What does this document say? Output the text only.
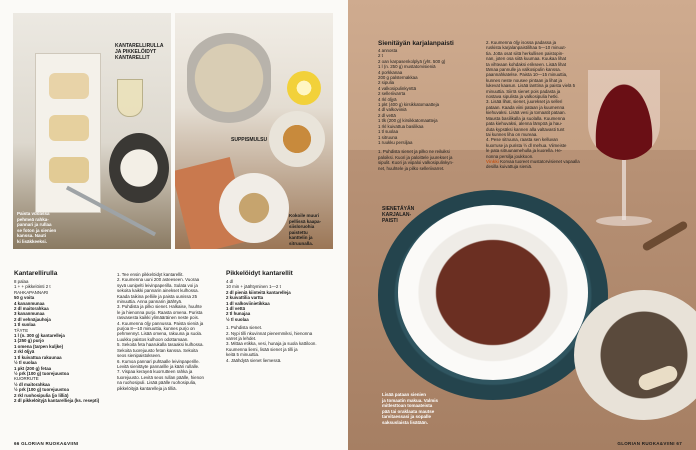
KANTARELLIRULLA
JA PIKKELÖIDYT
KANTARELLIT
Paista vuoassa
pehmeä rahka-
pannari ja rullaa
se foton ja sienien
kanssa. Nauti
ki lisäkkeeksi.
SUPPISMULSU
Kokoile muuri
pellissä kaapa-
siisloruohia
paistettu
kanttelin ja
sitruunalla.
Kantarellirulla
8 palaa
1 + + pikkelöinti 2 t
RAHKAPANNARI
50 g voita
4 kananmunaa
2 dl maitorahkaa
3 kananmunaa
2 dl vehnäjauhoja
1 tl suolaa
TÄYTE
1 l (n. 300 g) kantarelleja
1 (250 g) purjo
1 omena (tarpen kuljke)
2 rkl öljyä
1 tl kuivattua rakuunaa
½ tl suolaa
1 pkt (200 g) fetaa
½ prk (100 g) tuorejuustoa
KUORRUTE
½ dl maitorahkaa
½ prk (100 g) tuorejuustoa
2 rkl ruohosipulia (jo lilliä)
2 dl pikkelöityjä kantarellieja (ks. resepti)
1. Tee ensin pikkelöidyt kantarellit.
2. Kuumenna uuni 200 asteeseen. Vuoraa
syvä uunipelti leivinpaperilla. Sulata voi ja
sekoita kaikki pannarin ainekset kulhossa.
Kaada taikina pelliile ja paista uunissa 25
minuuttia. Anna pannarin jäähtyä.
3. Puhdista ja pilko sienet. Halkaise, huuhte
le ja hienonna purjo. Raasta omena. Purista
rasvasesta kaikki ylimääräinen neste pois.
4. Kuumenna öljy pannussa. Paista sieniä ja
purjoa 8—10 minuuttia, kunnes purjo on
pehmennyt. Lisää omena, rakuuna ja suola.
Luukku paistos kulhoon odottamaan.
5. Sekoita feta haarukalla tasaaksi kulhossa.
Sekoita tuorejuusto fetan kanssa. Sekoita
seos sienipaistokseen.
6. Kumoa pannari puhtaalle leivinpaperille.
Levitä sienitäyte pannarille ja kääri rullalle.
7. Vispaa kerayeä kuorrutteen rahka ja
tuorejuusto. Levitä seos rullan päälle, hienon
na ruohosipuli. Lisää päälle ruohosipulia,
pikkelöityjä kantarelleja ja tilliä.
Pikkelöidyt kantarellit
4 dl
10 min + jäähtyminen 1—2 t
2 dl pieniä kiinteitä kantarelleja
2 kuivattilia vartta
1 dl valkoviinietikkaa
1 dl vettä
2 tl hunajaa
½ tl suolaa
1. Puhdista sienet.
2. Nypi tilli nkuvinnat pienemmiksi, hienonna
varret ja lehdet.
3. Mittaa etikka, vesi, hunaja ja suola kattiloon.
Kuumenna liemi, lisää sienet ja tilli ja
keitä 5 minuuttia.
4. Jäähdytä sienet liemessä.
66 GLORIAN RUOKA&VIINI
Sienitäyän karjalanpaisti
4 annosta
2 t
2 oan karpasenkolplyä (yht. 500 g)
1 l (n. 250 g) mustatorvisieniä
4 porkkanaa
200 g palsternakkaa
2 sipulia
4 valkosipulinkynttä
2 selleriivarrta
4 rkl öljyä
1 pkt (400 g) kirsikkatomaatteja
4 dl valkoviiniä
2 dl vettä
1 tlk (200 g) kirsikkatomaatteja
1 rkl kuivattua basilikaa
1 tl suolaa
1 sitruuna
1 ruukku persiljaa
1. Puhdista sienet ja pilko ne reiluiksi
paloiksi. Kuori ja paloittele juurekset ja
sipulit. Kuori ja viipaloi valkosipulinkyn-
net, huuhtele ja pilko selleriivarret.
2. Kuumenna öljy isossa padassa ja
ruskista karjalanpaistilihaa 5—10 minuut-
tia. Jotta osat siitä herkullisen paistopin-
nan, joten osa siitä kuumaa. Kuukaa lihat
ta vihteaan kohdaksi erikseen. Lisää lihat
tämaa pannulle ja valkosipulin kanssa.
paannahkatelse. Paista 10—15 minuuttia,
kunnes neste nousee pintaan ja lihat ja
lukevat kaasun. Lisää lanttina ja paista vielä 5
minuuttia. Siirrä sienet pois padasta ja
nostava sipulista ja valkosipulia hetki.
3. Lisää lihat, sienet, juurekset ja selleri
pataan. Kaada viini pataan ja kuumenna
kiehuvaksi. Lisää vesi ja tomaatit pataan.
Mausta basilikalla ja suolalla. Kuumenna
pata kiehuvaksi, alenna lämpöä ja hau-
duta kypsäksi kannen alla valtavasti tunt
tai kunnes liha on mureaa.
4. Pese sitruuna, raasta sen kelluvan
kuorruse ja purista ½ dl mehua. Viimeiste
le pata sitruunamehulla ja kuorella. He-
nonna persilja joukkoon.
Vinkki Korvaa tuoreet mustatorvisienet vapaalla desilla kuivattuja sieniä.
SIENETÄYÄN
KARJALAN-
PAISTI
Lisää pataan sienien
ja tomaatin makua. Valmis
mitlesttoan tomaateista
pää tai oraklaata mautse
tarvitaessasi ja sopalle
saksuslaista lisätään.
GLORIAN RUOKA&VIINI 67
